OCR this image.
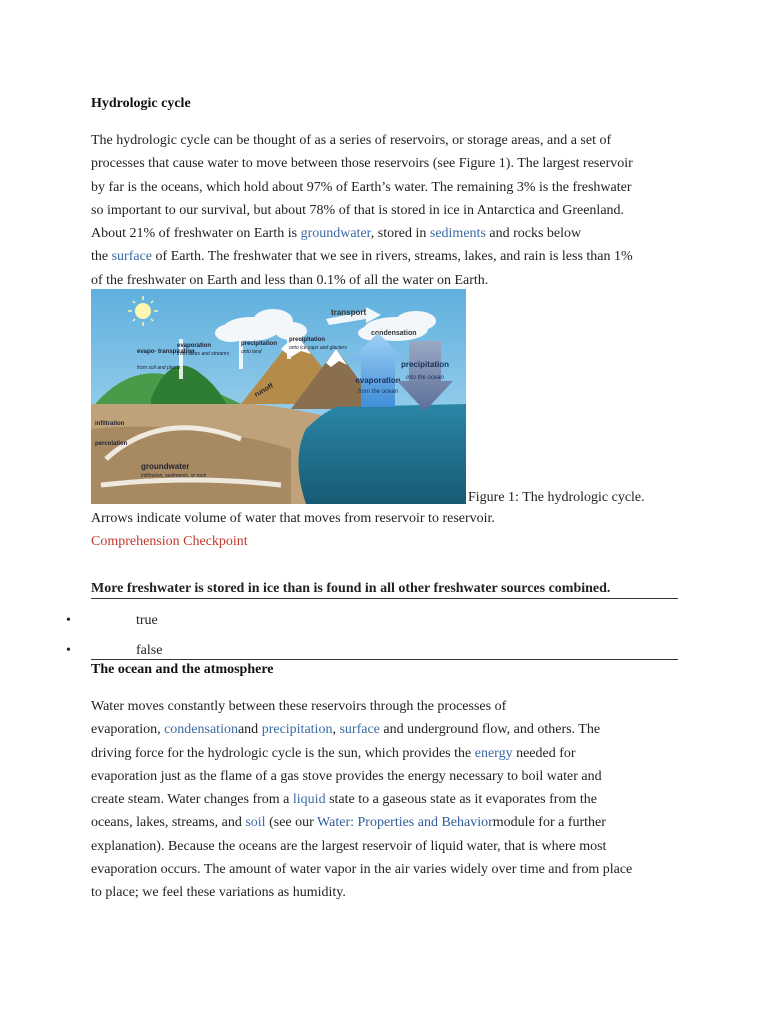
Hydrologic cycle
The hydrologic cycle can be thought of as a series of reservoirs, or storage areas, and a set of
processes that cause water to move between those reservoirs (see Figure 1). The largest reservoir
by far is the oceans, which hold about 97% of Earth’s water. The remaining 3% is the freshwater
so important to our survival, but about 78% of that is stored in ice in Antarctica and Greenland.
About 21% of freshwater on Earth is groundwater, stored in sediments and rocks below
the surface of Earth. The freshwater that we see in rivers, streams, lakes, and rain is less than 1%
of the freshwater on Earth and less than 0.1% of all the water on Earth.
transport
condensation
evaporation
from the ocean
precipitation
into the ocean
evapo- transpiration
from soil and plants
evaporation
from lakes and streams
precipitation
onto land
precipitation
onto ice caps and glaciers
runoff
infiltration
percolation
groundwater
infiltration, sediments, or rock
Figure 1: The hydrologic cycle.
Arrows indicate volume of water that moves from reservoir to reservoir.
Comprehension Checkpoint
More freshwater is stored in ice than is found in all other freshwater sources combined.
•	true
•	false
The ocean and the atmosphere
Water moves constantly between these reservoirs through the processes of
evaporation, condensationand precipitation, surface and underground flow, and others. The
driving force for the hydrologic cycle is the sun, which provides the energy needed for
evaporation just as the flame of a gas stove provides the energy necessary to boil water and
create steam. Water changes from a liquid state to a gaseous state as it evaporates from the
oceans, lakes, streams, and soil (see our Water: Properties and Behaviormodule for a further
explanation). Because the oceans are the largest reservoir of liquid water, that is where most
evaporation occurs. The amount of water vapor in the air varies widely over time and from place
to place; we feel these variations as humidity.
